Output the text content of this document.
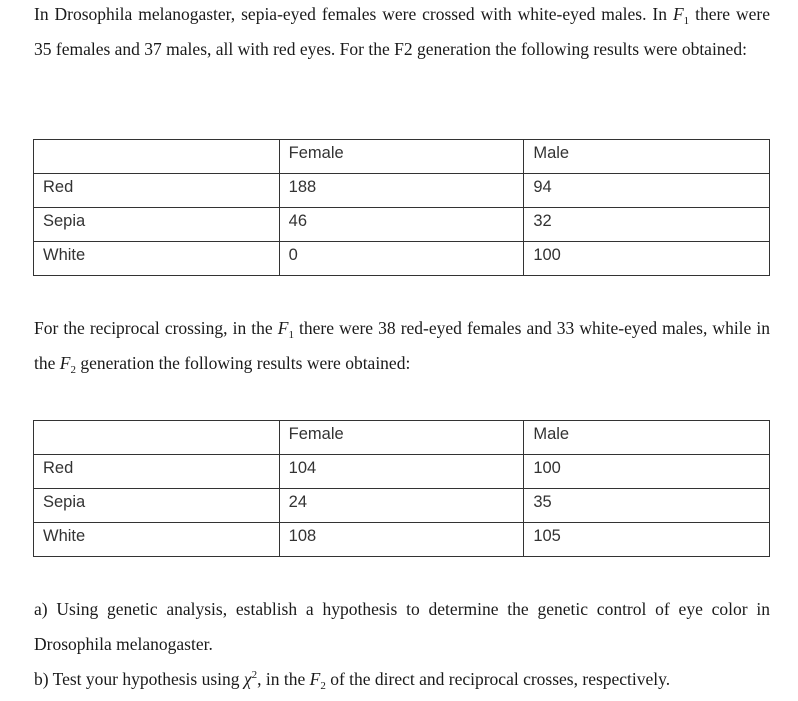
In Drosophila melanogaster, sepia-eyed females were crossed with white-eyed males. In $F_1$ there were 35 females and 37 males, all with red eyes. For the F2 generation the following results were obtained:
	Female	Male
Red	188	94
Sepia	46	32
White	0	100
For the reciprocal crossing, in the $F_1$ there were 38 red-eyed females and 33 white-eyed males, while in the $F_2$ generation the following results were obtained:
	Female	Male
Red	104	100
Sepia	24	35
White	108	105
a) Using genetic analysis, establish a hypothesis to determine the genetic control of eye color in Drosophila melanogaster.
b) Test your hypothesis using $\chi^2$, in the $F_2$ of the direct and reciprocal crosses, respectively.
